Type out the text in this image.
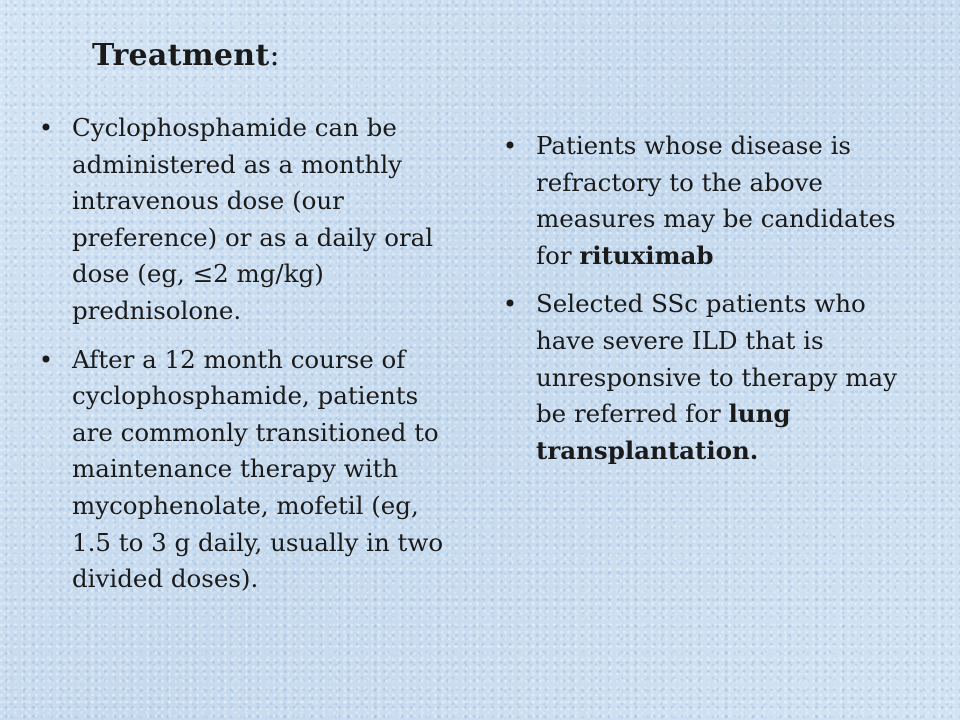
Treatment:
• Cyclophosphamide can be administered as a monthly intravenous dose (our preference) or as a daily oral dose (eg, ≤2 mg/kg) prednisolone.
• After a 12 month course of cyclophosphamide, patients are commonly transitioned to maintenance therapy with mycophenolate, mofetil (eg, 1.5 to 3 g daily, usually in two divided doses).
• Patients whose disease is refractory to the above measures may be candidates for rituximab
• Selected SSc patients who have severe ILD that is unresponsive to therapy may be referred for lung transplantation.
